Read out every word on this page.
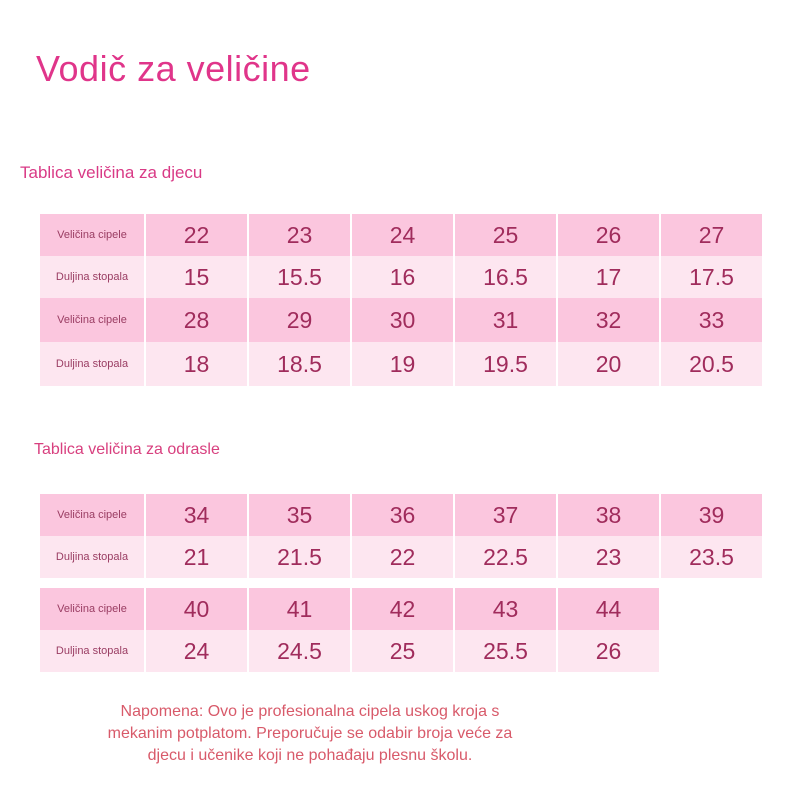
Vodič za veličine
Tablica veličina za djecu
Veličina cipele	22	23	24	25	26	27
Duljina stopala	15	15.5	16	16.5	17	17.5
Veličina cipele	28	29	30	31	32	33
Duljina stopala	18	18.5	19	19.5	20	20.5
Tablica veličina za odrasle
Veličina cipele	34	35	36	37	38	39
Duljina stopala	21	21.5	22	22.5	23	23.5
Veličina cipele	40	41	42	43	44
Duljina stopala	24	24.5	25	25.5	26
Napomena: Ovo je profesionalna cipela uskog kroja s
mekanim potplatom. Preporučuje se odabir broja veće za
djecu i učenike koji ne pohađaju plesnu školu.
